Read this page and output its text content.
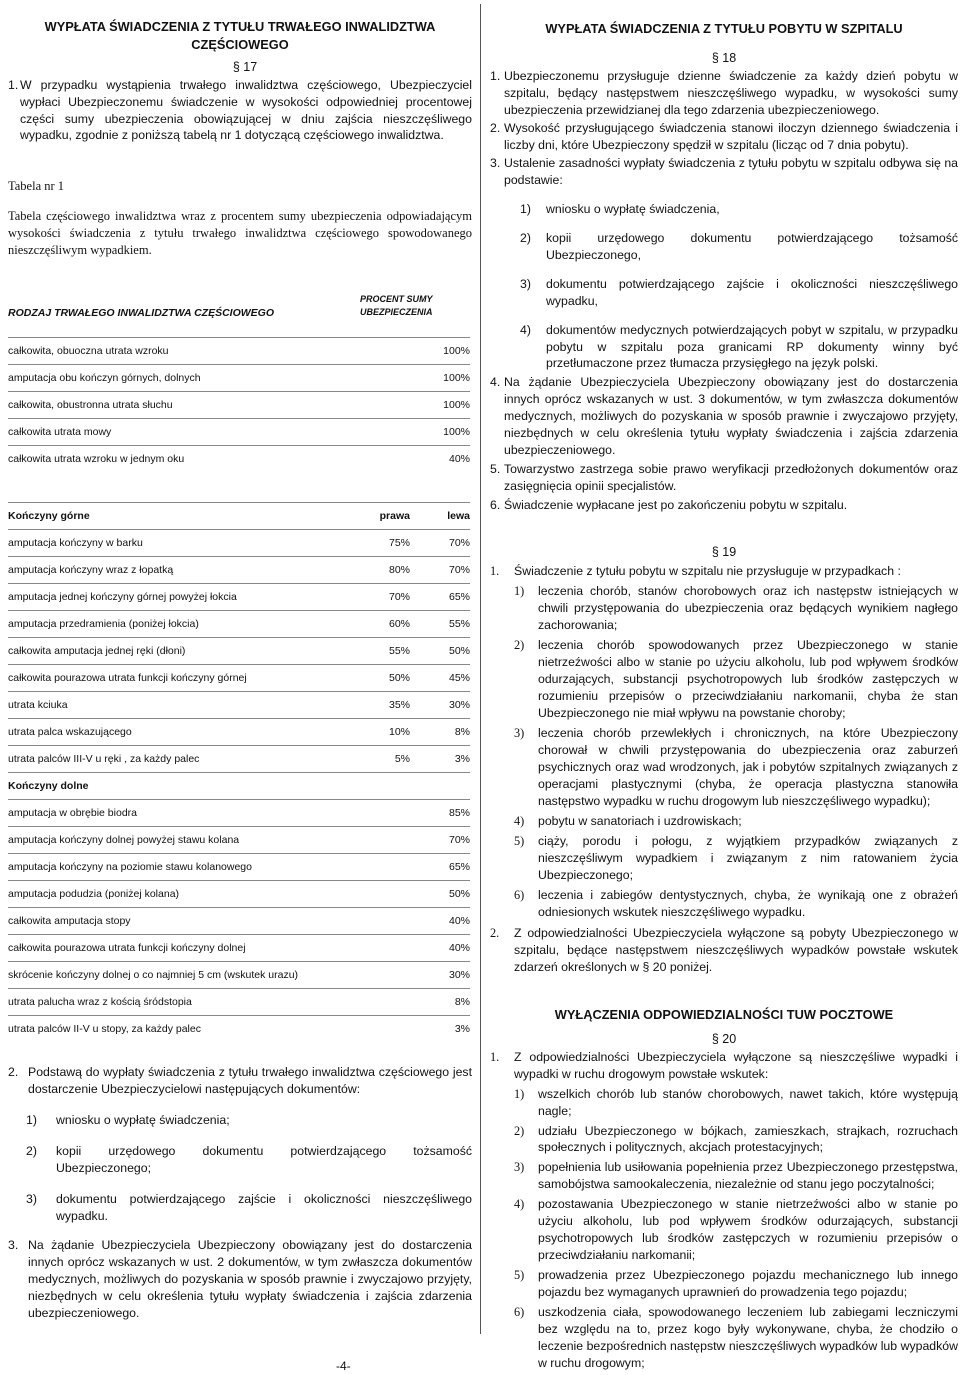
WYPŁATA ŚWIADCZENIA Z TYTUŁU TRWAŁEGO INWALIDZTWA CZĘŚCIOWEGO
§ 17
1. W przypadku wystąpienia trwałego inwalidztwa częściowego, Ubezpieczyciel wypłaci Ubezpieczonemu świadczenie w wysokości odpowiedniej procentowej części sumy ubezpieczenia obowiązującej w dniu zajścia nieszczęśliwego wypadku, zgodnie z poniższą tabelą nr 1 dotyczącą częściowego inwalidztwa.
Tabela nr 1
Tabela częściowego inwalidztwa wraz z procentem sumy ubezpieczenia odpowiadającym wysokości świadczenia z tytułu trwałego inwalidztwa częściowego spowodowanego nieszczęśliwym wypadkiem.
RODZAJ TRWAŁEGO INWALIDZTWA CZĘŚCIOWEGO	PROCENT SUMY UBEZPIECZENIA	
całkowita, obuoczna utrata wzroku	100%	
amputacja obu kończyn górnych, dolnych	100%	
całkowita, obustronna utrata słuchu	100%	
całkowita utrata mowy	100%	
całkowita utrata wzroku w jednym oku	40%	

Kończyny górne		prawa	lewa
amputacja kończyny w barku		75%	70%
amputacja kończyny wraz z łopatką		80%	70%
amputacja jednej kończyny górnej powyżej łokcia		70%	65%
amputacja przedramienia (poniżej łokcia)		60%	55%
całkowita amputacja jednej ręki (dłoni)		55%	50%
całkowita pourazowa utrata funkcji kończyny górnej		50%	45%
utrata kciuka		35%	30%
utrata palca wskazującego		10%	8%
utrata palców III-V u ręki , za każdy palec		5%	3%
Kończyny dolne		
amputacja w obrębie biodra	85%	
amputacja kończyny dolnej powyżej stawu kolana	70%	
amputacja kończyny na poziomie stawu kolanowego	65%	
amputacja podudzia (poniżej kolana)	50%	
całkowita amputacja stopy	40%	
całkowita pourazowa utrata funkcji kończyny dolnej	40%	
skrócenie kończyny dolnej o co najmniej 5 cm (wskutek urazu)	30%	
utrata palucha wraz z kością śródstopia	8%	
utrata palców II-V u stopy, za każdy palec	3%	
2. Podstawą do wypłaty świadczenia z tytułu trwałego inwalidztwa częściowego jest dostarczenie Ubezpieczycielowi następujących dokumentów:
1)	wniosku o wypłatę świadczenia;
2)	kopii urzędowego dokumentu potwierdzającego tożsamość Ubezpieczonego;
3)	dokumentu potwierdzającego zajście i okoliczności nieszczęśliwego wypadku.
3. Na żądanie Ubezpieczyciela Ubezpieczony obowiązany jest do dostarczenia innych oprócz wskazanych w ust. 2 dokumentów, w tym zwłaszcza dokumentów medycznych, możliwych do pozyskania w sposób prawnie i zwyczajowo przyjęty, niezbędnych w celu określenia tytułu wypłaty świadczenia i zajścia zdarzenia ubezpieczeniowego.
-4-
WYPŁATA ŚWIADCZENIA Z TYTUŁU POBYTU W SZPITALU
§ 18
1. Ubezpieczonemu przysługuje dzienne świadczenie za każdy dzień pobytu w szpitalu, będący następstwem nieszczęśliwego wypadku, w wysokości sumy ubezpieczenia przewidzianej dla tego zdarzenia ubezpieczeniowego.
2. Wysokość przysługującego świadczenia stanowi iloczyn dziennego świadczenia i liczby dni, które Ubezpieczony spędził w szpitalu (licząc od 7 dnia pobytu).
3. Ustalenie zasadności wypłaty świadczenia z tytułu pobytu w szpitalu odbywa się na podstawie:
1)	wniosku o wypłatę świadczenia,
2)	kopii urzędowego dokumentu potwierdzającego tożsamość Ubezpieczonego,
3)	dokumentu potwierdzającego zajście i okoliczności nieszczęśliwego wypadku,
4)	dokumentów medycznych potwierdzających pobyt w szpitalu, w przypadku pobytu w szpitalu poza granicami RP dokumenty winny być przetłumaczone przez tłumacza przysięgłego na język polski.
4. Na żądanie Ubezpieczyciela Ubezpieczony obowiązany jest do dostarczenia innych oprócz wskazanych w ust. 3 dokumentów, w tym zwłaszcza dokumentów medycznych, możliwych do pozyskania w sposób prawnie i zwyczajowo przyjęty, niezbędnych w celu określenia tytułu wypłaty świadczenia i zajścia zdarzenia ubezpieczeniowego.
5. Towarzystwo zastrzega sobie prawo weryfikacji przedłożonych dokumentów oraz zasięgnięcia opinii specjalistów.
6. Świadczenie wypłacane jest po zakończeniu pobytu w szpitalu.
§ 19
1.	Świadczenie z tytułu pobytu w szpitalu nie przysługuje w przypadkach :
1)	leczenia chorób, stanów chorobowych oraz ich następstw istniejących w chwili przystępowania do ubezpieczenia oraz będących wynikiem nagłego zachorowania;
2)	leczenia chorób spowodowanych przez Ubezpieczonego w stanie nietrzeźwości albo w stanie po użyciu alkoholu, lub pod wpływem środków odurzających, substancji psychotropowych lub środków zastępczych w rozumieniu przepisów o przeciwdziałaniu narkomanii, chyba że stan Ubezpieczonego nie miał wpływu na powstanie choroby;
3)	leczenia chorób przewlekłych i chronicznych, na które Ubezpieczony chorował w chwili przystępowania do ubezpieczenia oraz zaburzeń psychicznych oraz wad wrodzonych, jak i pobytów szpitalnych związanych z operacjami plastycznymi (chyba, że operacja plastyczna stanowiła następstwo wypadku w ruchu drogowym lub nieszczęśliwego wypadku);
4)	pobytu w sanatoriach i uzdrowiskach;
5)	ciąży, porodu i połogu, z wyjątkiem przypadków związanych z nieszczęśliwym wypadkiem i związanym z nim ratowaniem życia Ubezpieczonego;
6)	leczenia i zabiegów dentystycznych, chyba, że wynikają one z obrażeń odniesionych wskutek nieszczęśliwego wypadku.
2.	Z odpowiedzialności Ubezpieczyciela wyłączone są pobyty Ubezpieczonego w szpitalu, będące następstwem nieszczęśliwych wypadków powstałe wskutek zdarzeń określonych w § 20 poniżej.
WYŁĄCZENIA ODPOWIEDZIALNOŚCI TUW POCZTOWE
§ 20
1.	Z odpowiedzialności Ubezpieczyciela wyłączone są nieszczęśliwe wypadki i wypadki w ruchu drogowym powstałe wskutek:
1)	wszelkich chorób lub stanów chorobowych, nawet takich, które występują nagle;
2)	udziału Ubezpieczonego w bójkach, zamieszkach, strajkach, rozruchach społecznych i politycznych, akcjach protestacyjnych;
3)	popełnienia lub usiłowania popełnienia przez Ubezpieczonego przestępstwa, samobójstwa samookaleczenia, niezależnie od stanu jego poczytalności;
4)	pozostawania Ubezpieczonego w stanie nietrzeźwości albo w stanie po użyciu alkoholu, lub pod wpływem środków odurzających, substancji psychotropowych lub środków zastępczych w rozumieniu przepisów o przeciwdziałaniu narkomanii;
5)	prowadzenia przez Ubezpieczonego pojazdu mechanicznego lub innego pojazdu bez wymaganych uprawnień do prowadzenia tego pojazdu;
6)	uszkodzenia ciała, spowodowanego leczeniem lub zabiegami leczniczymi bez względu na to, przez kogo były wykonywane, chyba, że chodziło o leczenie bezpośrednich następstw nieszczęśliwych wypadków lub wypadków w ruchu drogowym;
